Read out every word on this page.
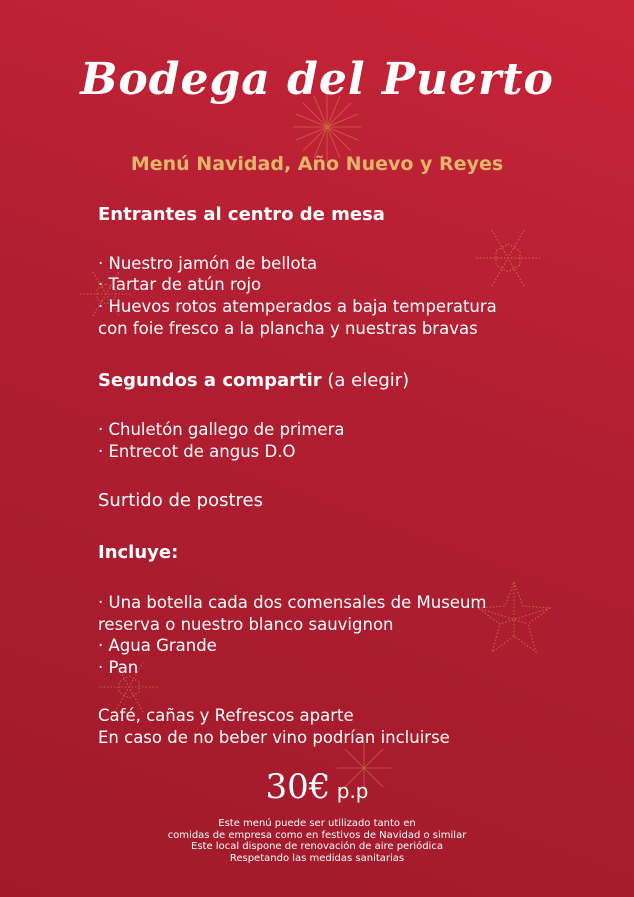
Bodega del Puerto
Menú Navidad, Año Nuevo y Reyes
Entrantes al centro de mesa
· Nuestro jamón de bellota
· Tartar de atún rojo
· Huevos rotos atemperados a baja temperatura
con foie fresco a la plancha y nuestras bravas
Segundos a compartir (a elegir)
· Chuletón gallego de primera
· Entrecot de angus D.O
Surtido de postres
Incluye:
· Una botella cada dos comensales de Museum
reserva o nuestro blanco sauvignon
· Agua Grande
· Pan
Café, cañas y Refrescos aparte
En caso de no beber vino podrían incluirse
30€ p.p
Este menú puede ser utilizado tanto en
comidas de empresa como en festivos de Navidad o similar
Este local dispone de renovación de aire periódica
Respetando las medidas sanitarias
